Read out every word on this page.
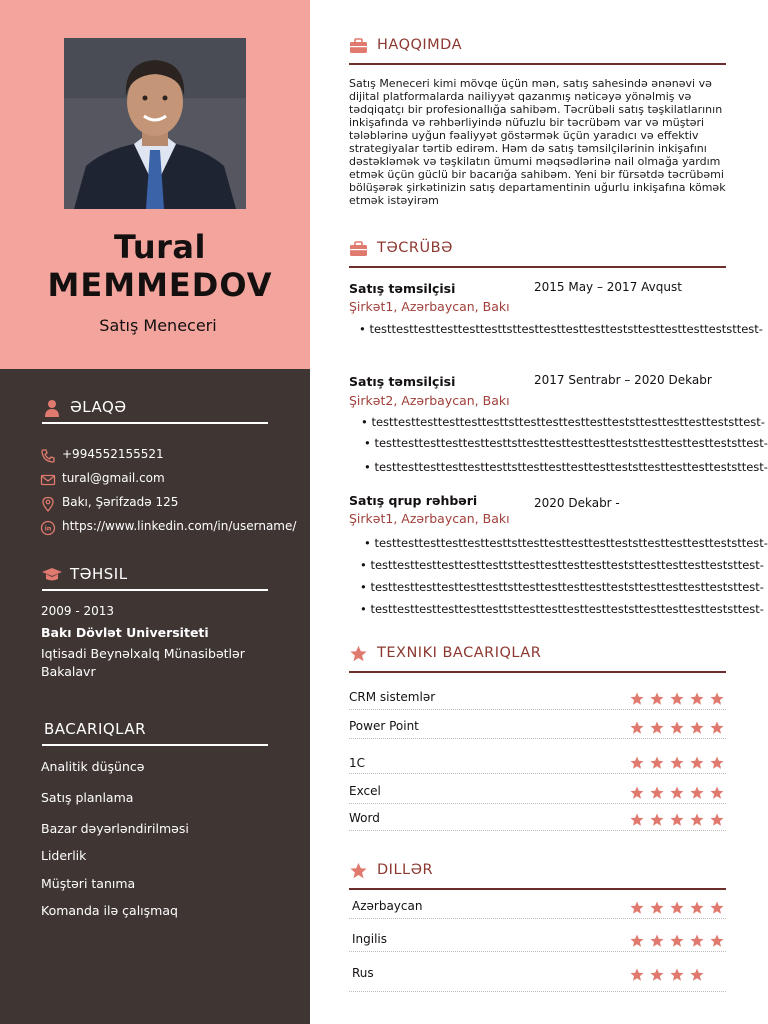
Tural
MEMMEDOV
Satış Meneceri
ƏLAQƏ
+994552155521
tural@gmail.com
Bakı, Şərifzadə 125
in https://www.linkedin.com/in/username/
TƏHSIL
2009 - 2013
Bakı Dövlət Universiteti
Iqtisadi Beynəlxalq Münasibətlər
Bakalavr
BACARIQLAR
Analitik düşüncə
Satış planlama
Bazar dəyərləndirilməsi
Liderlik
Müştəri tanıma
Komanda ilə çalışmaq
HAQQIMDA
Satış Meneceri kimi mövqe üçün mən, satış sahesində ənənəvi və
dijital platformalarda nailiyyət qazanmış nəticəyə yönəlmiş və
tədqiqatçı bir profesionallığa sahibəm. Təcrübəli satış təşkilatlarının
inkişafında və rəhbərliyində nüfuzlu bir təcrübəm var və müştəri
tələblərinə uyğun fəaliyyət göstərmək üçün yaradıcı və effektiv
strategiyalar tərtib edirəm. Həm də satış təmsilçilərinin inkişafını
dəstəkləmək və təşkilatın ümumi məqsədlərinə nail olmağa yardım
etmək üçün güclü bir bacarığa sahibəm. Yeni bir fürsətdə təcrübəmi
bölüşərək şirkətinizin satış departamentinin uğurlu inkişafına kömək
etmək istəyirəm
TƏCRÜBƏ
Satış təmsilçisi	2015 May – 2017 Avqust
Şirkət1, Azərbaycan, Bakı
• testtesttesttesttesttesttsttesttesttesttestteststtesttesttestteststtest-
Satış təmsilçisi	2017 Sentrabr – 2020 Dekabr
Şirkət2, Azərbaycan, Bakı
• testtesttesttesttesttesttsttesttesttesttestteststtesttesttestteststtest-
• testtesttesttesttesttesttsttesttesttesttestteststtesttesttestteststtest-
• testtesttesttesttesttesttsttesttesttesttestteststtesttesttestteststtest-
Satış qrup rəhbəri	2020 Dekabr -
Şirkət1, Azərbaycan, Bakı
• testtesttesttesttesttesttsttesttesttesttestteststtesttesttestteststtest-
• testtesttesttesttesttesttsttesttesttesttestteststtesttesttestteststtest-
• testtesttesttesttesttesttsttesttesttesttestteststtesttesttestteststtest-
• testtesttesttesttesttesttsttesttesttesttestteststtesttesttestteststtest-
TEXNIKI BACARIQLAR
CRM sistemlər
Power Point
1C
Excel
Word
DILLƏR
Azərbaycan
Ingilis
Rus
